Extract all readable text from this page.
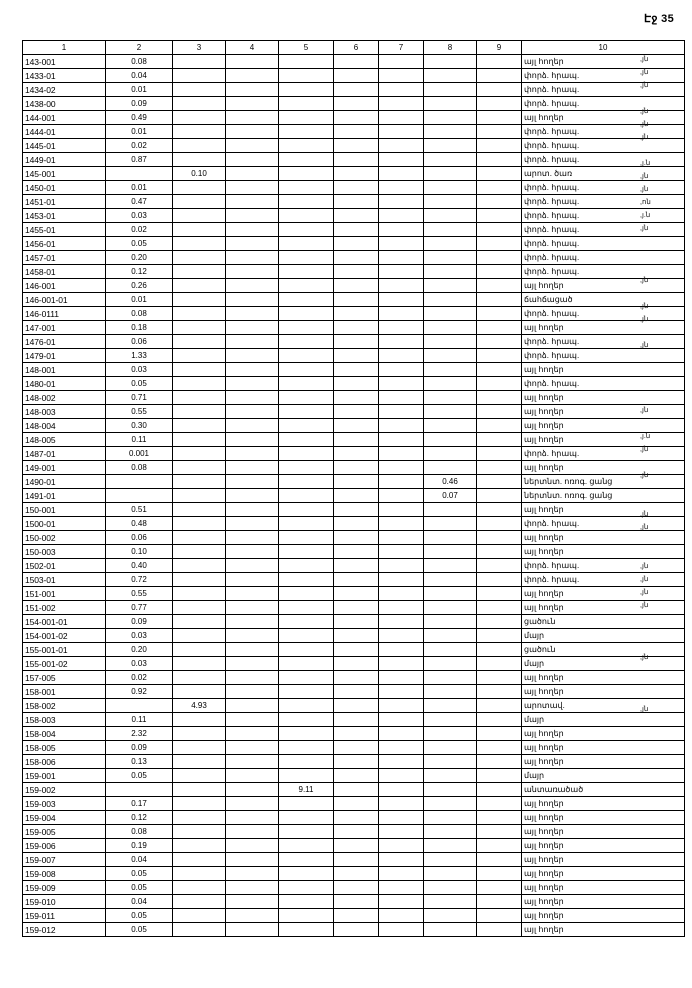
Էջ 35
1	2	3	4	5	6	7	8	9	10
143-001	0.08								այլ հողեր
1433-01	0.04								փորձ. հրապ.
1434-02	0.01								փորձ. հրապ.
1438-00	0.09								փորձ. հրապ.
144-001	0.49								այլ հողեր
1444-01	0.01								փորձ. հրապ.
1445-01	0.02								փորձ. հրապ.
1449-01	0.87								փորձ. հրապ.
145-001		0.10							արոտ. ծառ
1450-01	0.01								փորձ. հրապ.
1451-01	0.47								փորձ. հրապ.
1453-01	0.03								փորձ. հրապ.
1455-01	0.02								փորձ. հրապ.
1456-01	0.05								փորձ. հրապ.
1457-01	0.20								փորձ. հրապ.
1458-01	0.12								փորձ. հրապ.
146-001	0.26								այլ հողեր
146-001-01	0.01								ճահճացած
146-0111	0.08								փորձ. հրապ.
147-001	0.18								այլ հողեր
1476-01	0.06								փորձ. հրապ.
1479-01	1.33								փորձ. հրապ.
148-001	0.03								այլ հողեր
1480-01	0.05								փորձ. հրապ.
148-002	0.71								այլ հողեր
148-003	0.55								այլ հողեր
148-004	0.30								այլ հողեր
148-005	0.11								այլ հողեր
1487-01	0.001								փորձ. հրապ.
149-001	0.08								այլ հողեր
1490-01							0.46		ներտնտ. ոռոգ. ցանց
1491-01							0.07		ներտնտ. ոռոգ. ցանց
150-001	0.51								այլ հողեր
1500-01	0.48								փորձ. հրապ.
150-002	0.06								այլ հողեր
150-003	0.10								այլ հողեր
1502-01	0.40								փորձ. հրապ.
1503-01	0.72								փորձ. հրապ.
151-001	0.55								այլ հողեր
151-002	0.77								այլ հողեր
154-001-01	0.09								ցածուն
154-001-02	0.03								մայր
155-001-01	0.20								ցածուն
155-001-02	0.03								մայր
157-005	0.02								այլ հողեր
158-001	0.92								այլ հողեր
158-002		4.93							արոտավ.
158-003	0.11								մայր
158-004	2.32								այլ հողեր
158-005	0.09								այլ հողեր
158-006	0.13								այլ հողեր
159-001	0.05								մայր
159-002				9.11					անտառածած
159-003	0.17								այլ հողեր
159-004	0.12								այլ հողեր
159-005	0.08								այլ հողեր
159-006	0.19								այլ հողեր
159-007	0.04								այլ հողեր
159-008	0.05								այլ հողեր
159-009	0.05								այլ հողեր
159-010	0.04								այլ հողեր
159-011	0.05								այլ հողեր
159-012	0.05								այլ հողեր
,յն
,յն
,յն
,յն
,յն
,յն
,յ.ն
,յն
,յն
,ոն
,յ.ն
,յն
,յն
,յն
,յն
,յն
,յն
,յ.ն
,յն
,յն
,յն
,յն
,յն
,յն
,յն
,յն
,յն
,յն
